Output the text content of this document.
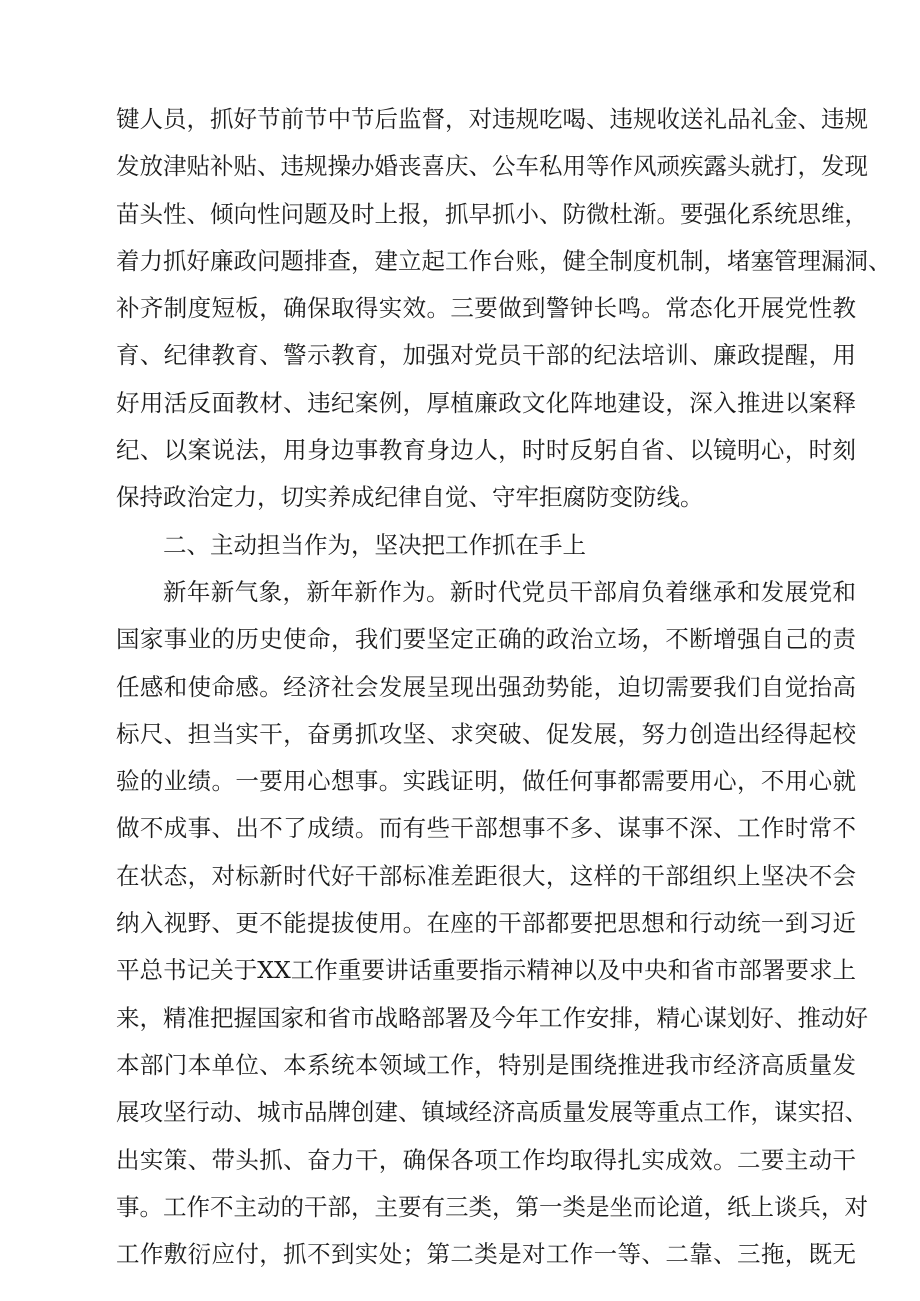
键人员，抓好节前节中节后监督，对违规吃喝、违规收送礼品礼金、违规
发放津贴补贴、违规操办婚丧喜庆、公车私用等作风顽疾露头就打，发现
苗头性、倾向性问题及时上报，抓早抓小、防微杜渐。要强化系统思维，
着力抓好廉政问题排查，建立起工作台账，健全制度机制，堵塞管理漏洞、
补齐制度短板，确保取得实效。三要做到警钟长鸣。常态化开展党性教
育、纪律教育、警示教育，加强对党员干部的纪法培训、廉政提醒，用
好用活反面教材、违纪案例，厚植廉政文化阵地建设，深入推进以案释
纪、以案说法，用身边事教育身边人，时时反躬自省、以镜明心，时刻
保持政治定力，切实养成纪律自觉、守牢拒腐防变防线。
二、主动担当作为，坚决把工作抓在手上
新年新气象，新年新作为。新时代党员干部肩负着继承和发展党和
国家事业的历史使命，我们要坚定正确的政治立场，不断增强自己的责
任感和使命感。经济社会发展呈现出强劲势能，迫切需要我们自觉抬高
标尺、担当实干，奋勇抓攻坚、求突破、促发展，努力创造出经得起校
验的业绩。一要用心想事。实践证明，做任何事都需要用心，不用心就
做不成事、出不了成绩。而有些干部想事不多、谋事不深、工作时常不
在状态，对标新时代好干部标准差距很大，这样的干部组织上坚决不会
纳入视野、更不能提拔使用。在座的干部都要把思想和行动统一到习近
平总书记关于XX工作重要讲话重要指示精神以及中央和省市部署要求上
来，精准把握国家和省市战略部署及今年工作安排，精心谋划好、推动好
本部门本单位、本系统本领域工作，特别是围绕推进我市经济高质量发
展攻坚行动、城市品牌创建、镇域经济高质量发展等重点工作，谋实招、
出实策、带头抓、奋力干，确保各项工作均取得扎实成效。二要主动干
事。工作不主动的干部，主要有三类，第一类是坐而论道，纸上谈兵，对
工作敷衍应付，抓不到实处；第二类是对工作一等、二靠、三拖，既无
